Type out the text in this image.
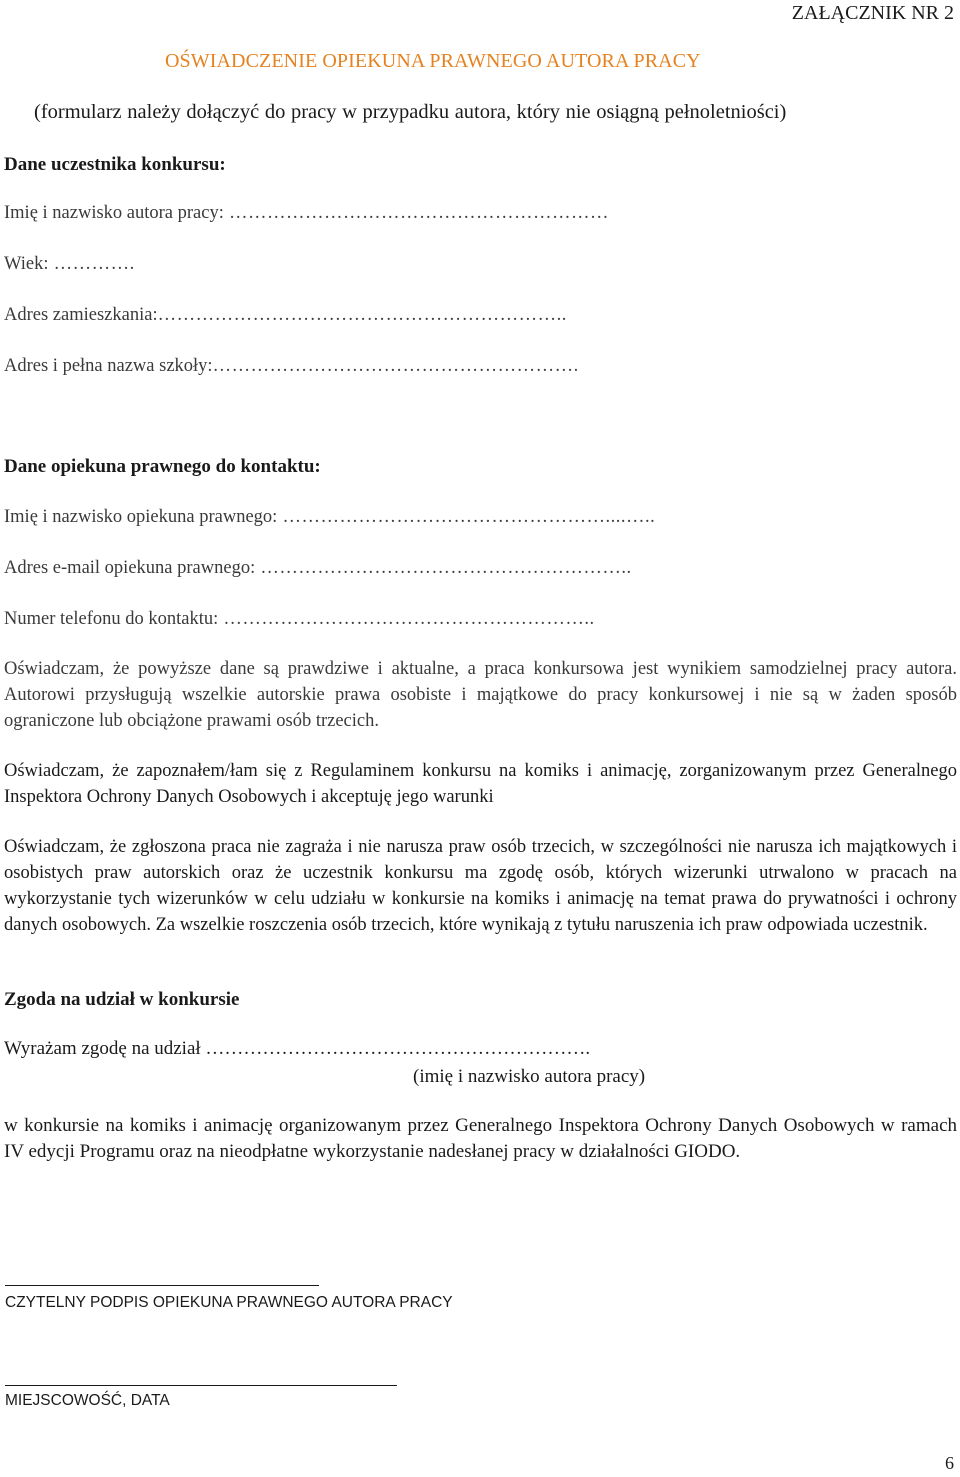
ZAŁĄCZNIK NR 2
OŚWIADCZENIE OPIEKUNA PRAWNEGO AUTORA PRACY
(formularz należy dołączyć do pracy w przypadku autora, który nie osiągną pełnoletniości)
Dane uczestnika konkursu:
Imię i nazwisko autora pracy: ……………………………………………………
Wiek: ………….
Adres zamieszkania:………………………………………………………..
Adres i pełna nazwa szkoły:………………………………………………….
Dane opiekuna prawnego do kontaktu:
Imię i nazwisko opiekuna prawnego: ……………………………………………....…..
Adres e-mail opiekuna prawnego: …………………………………………………..
Numer telefonu do kontaktu: …………………………………………………..
Oświadczam, że powyższe dane są prawdziwe i aktualne, a praca konkursowa jest wynikiem samodzielnej pracy autora. Autorowi przysługują wszelkie autorskie prawa osobiste i majątkowe do pracy konkursowej i nie są w żaden sposób ograniczone lub obciążone prawami osób trzecich.
Oświadczam, że zapoznałem/łam się z Regulaminem konkursu na komiks i animację, zorganizowanym przez Generalnego Inspektora Ochrony Danych Osobowych i akceptuję jego warunki
Oświadczam, że zgłoszona praca nie zagraża i nie narusza praw osób trzecich, w szczególności nie narusza ich majątkowych i osobistych praw autorskich oraz że uczestnik konkursu ma zgodę osób, których wizerunki utrwalono w pracach na wykorzystanie tych wizerunków w celu udziału w konkursie na komiks i animację na temat prawa do prywatności i ochrony danych osobowych. Za wszelkie roszczenia osób trzecich, które wynikają z tytułu naruszenia ich praw odpowiada uczestnik.
Zgoda na udział w konkursie
Wyrażam zgodę na udział …………………………………………………….
(imię i nazwisko autora pracy)
w konkursie na komiks i animację organizowanym przez Generalnego Inspektora Ochrony Danych Osobowych w ramach IV edycji Programu oraz na nieodpłatne wykorzystanie nadesłanej pracy w działalności GIODO.
CZYTELNY PODPIS OPIEKUNA PRAWNEGO AUTORA PRACY
MIEJSCOWOŚĆ, DATA
6
